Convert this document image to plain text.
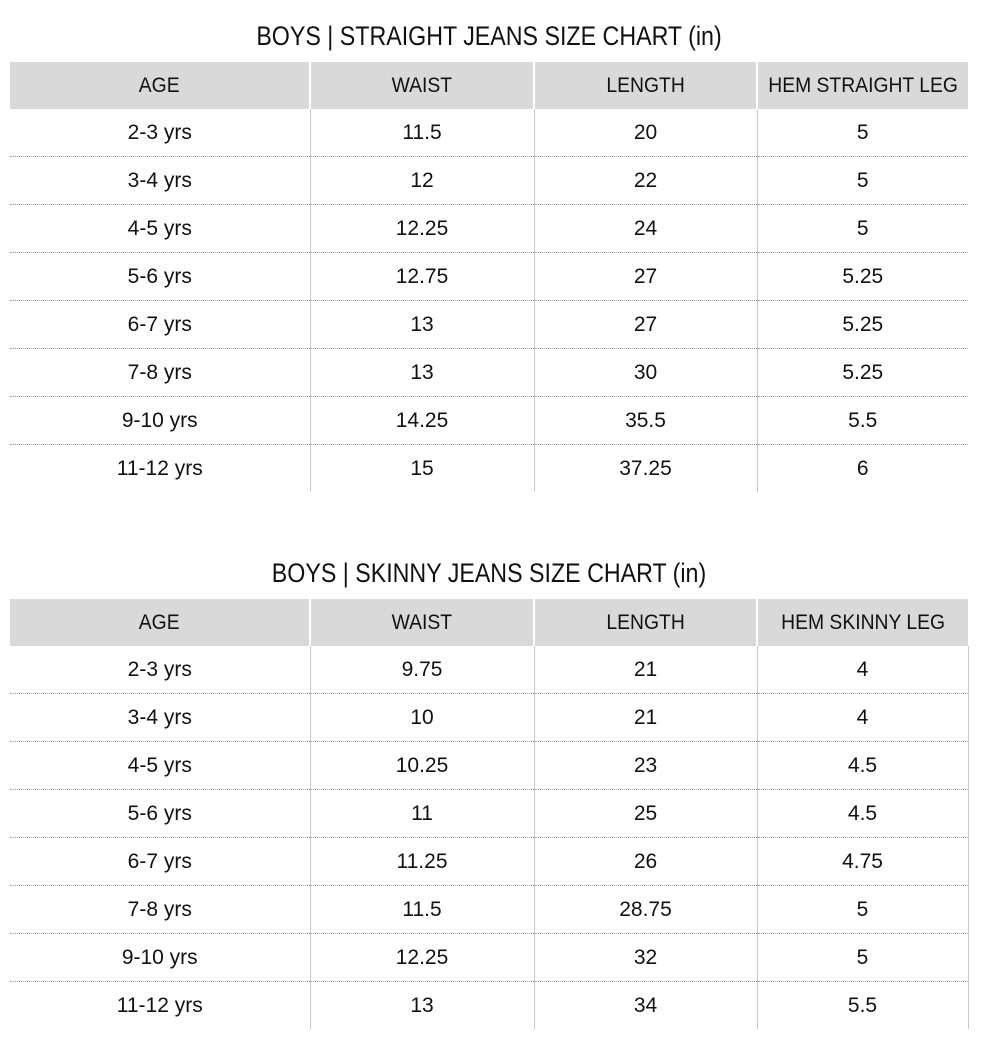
BOYS | STRAIGHT JEANS SIZE CHART (in)
AGE	WAIST	LENGTH	HEM STRAIGHT LEG
2-3 yrs	11.5	20	5
3-4 yrs	12	22	5
4-5 yrs	12.25	24	5
5-6 yrs	12.75	27	5.25
6-7 yrs	13	27	5.25
7-8 yrs	13	30	5.25
9-10 yrs	14.25	35.5	5.5
11-12 yrs	15	37.25	6
BOYS | SKINNY JEANS SIZE CHART (in)
AGE	WAIST	LENGTH	HEM SKINNY LEG
2-3 yrs	9.75	21	4
3-4 yrs	10	21	4
4-5 yrs	10.25	23	4.5
5-6 yrs	11	25	4.5
6-7 yrs	11.25	26	4.75
7-8 yrs	11.5	28.75	5
9-10 yrs	12.25	32	5
11-12 yrs	13	34	5.5
